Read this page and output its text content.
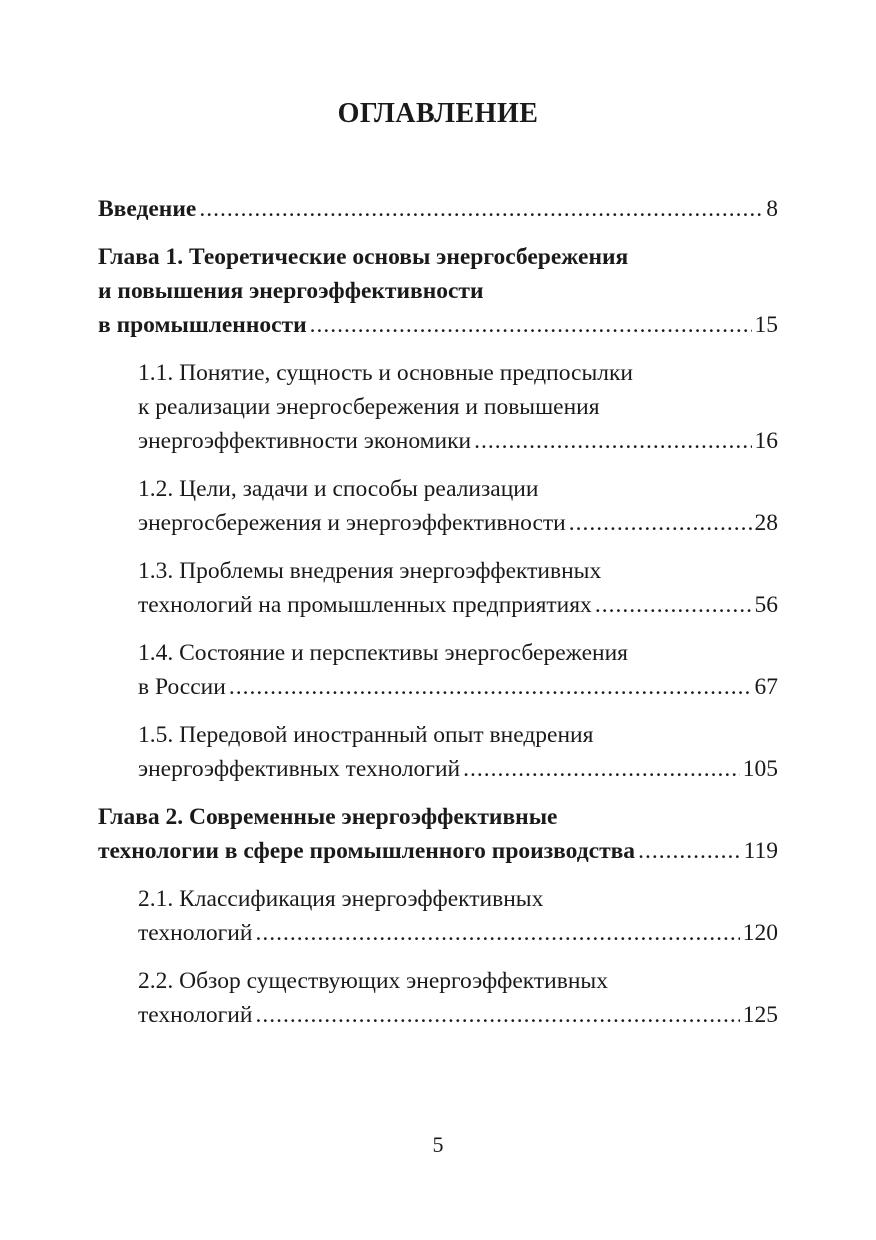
ОГЛАВЛЕНИЕ
Введение .....	8
Глава 1. Теоретические основы энергосбережения
и повышения энергоэффективности
в промышленности .....	15
1.1. Понятие, сущность и основные предпосылки
к реализации энергосбережения и повышения
энергоэффективности экономики .....	16
1.2. Цели, задачи и способы реализации
энергосбережения и энергоэффективности .....	28
1.3. Проблемы внедрения энергоэффективных
технологий на промышленных предприятиях .....	56
1.4. Состояние и перспективы энергосбережения
в России .....	67
1.5. Передовой иностранный опыт внедрения
энергоэффективных технологий .....	105
Глава 2. Современные энергоэффективные
технологии в сфере промышленного производства .....	119
2.1. Классификация энергоэффективных
технологий .....	120
2.2. Обзор существующих энергоэффективных
технологий .....	125
5
